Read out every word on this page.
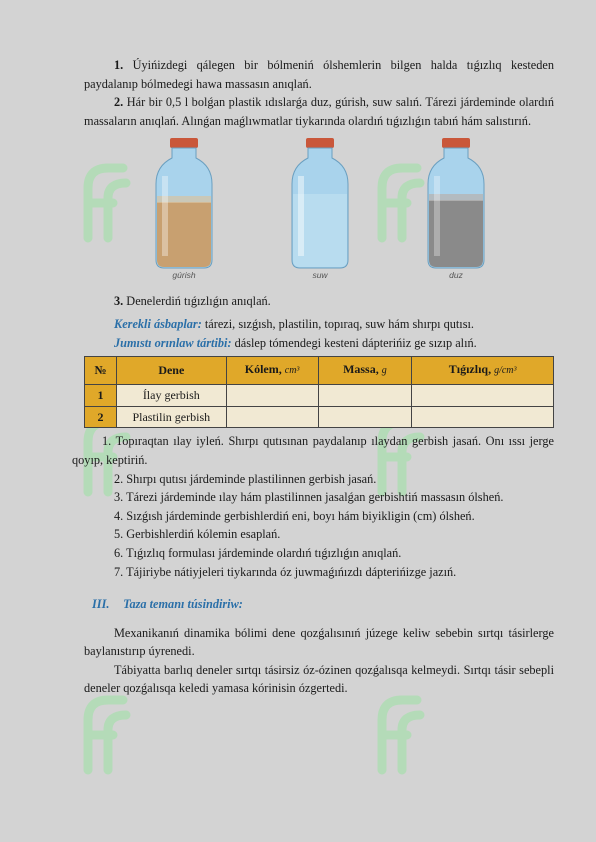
1. Úyińizdegi qálegen bir bólmeniń ólshemlerin bilgen halda tıǵızlıq kesteden paydalanıp bólmedegi hawa massasın anıqlań.

2. Hár bir 0,5 l bolǵan plastik ıdıslarǵa duz, gúrish, suw salıń. Tárezi járdeminde olardıń massaların anıqlań. Alınǵan maǵlıwmatlar tiykarında olardıń tıǵızlıǵın tabıń hám salıstırıń.

gúrish	suw	duz

3. Denelerdiń tıǵızlıǵın anıqlań.

Kerekli ásbaplar: tárezi, sızǵısh, plastilin, topıraq, suw hám shırpı qutısı.

Jumıstı orınlaw tártibi: dáslep tómendegi kesteni dápterińiz ge sızıp alıń.

№	Dene	Kólem, cm³	Massa, g	Tıǵızlıq, g/cm³
1	Ílay gerbish			
2	Plastilin gerbish			

1. Topıraqtan ılay iyleń. Shırpı qutısınan paydalanıp ılaydan gerbish jasań. Onı ıssı jerge qoyıp, keptiriń.

2. Shırpı qutısı járdeminde plastilinnen gerbish jasań.

3. Tárezi járdeminde ılay hám plastilinnen jasalǵan gerbishtiń massasın ólsheń.

4. Sızǵısh járdeminde gerbishlerdiń eni, boyı hám biyikligin (cm) ólsheń.

5. Gerbishlerdiń kólemin esaplań.

6. Tıǵızlıq formulası járdeminde olardıń tıǵızlıǵın anıqlań.

7. Tájiriybe nátiyjeleri tiykarında óz juwmaǵıńızdı dápterińizge jazıń.

III. Taza temanı túsindiriw:

Mexanikanıń dinamika bólimi dene qozǵalısınıń júzege keliw sebebin sırtqı tásirlerge baylanıstırıp úyrenedi.

Tábiyatta barlıq deneler sırtqı tásirsiz óz-ózinen qozǵalısqa kelmeydi. Sırtqı tásir sebepli deneler qozǵalısqa keledi yamasa kórinisin ózgertedi.
